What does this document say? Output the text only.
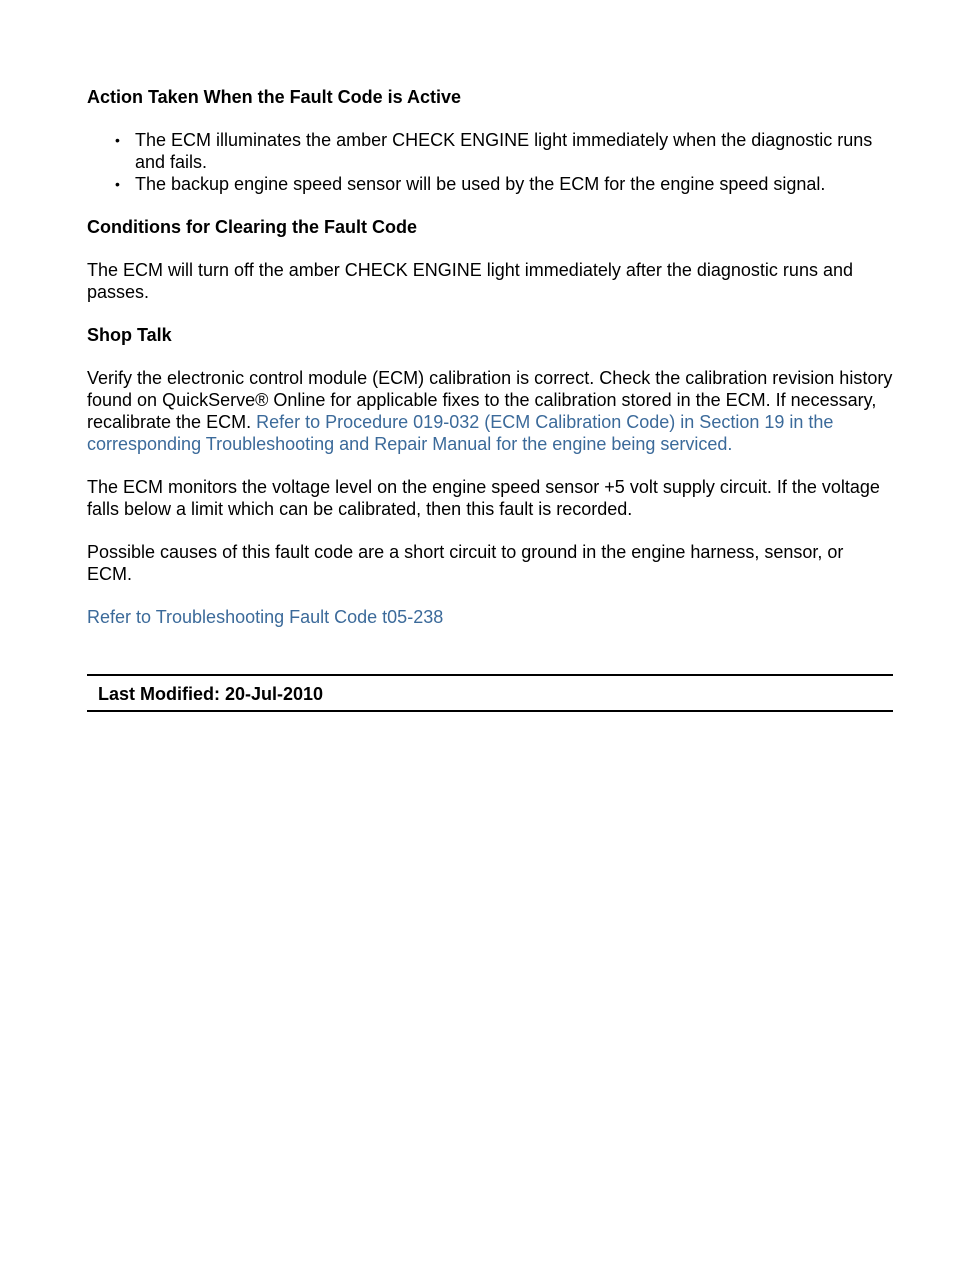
Action Taken When the Fault Code is Active
• The ECM illuminates the amber CHECK ENGINE light immediately when the diagnostic runs and fails.
• The backup engine speed sensor will be used by the ECM for the engine speed signal.
Conditions for Clearing the Fault Code

The ECM will turn off the amber CHECK ENGINE light immediately after the diagnostic runs and passes.

Shop Talk

Verify the electronic control module (ECM) calibration is correct. Check the calibration revision history found on QuickServe® Online for applicable fixes to the calibration stored in the ECM. If necessary, recalibrate the ECM. Refer to Procedure 019-032 (ECM Calibration Code) in Section 19 in the corresponding Troubleshooting and Repair Manual for the engine being serviced.

The ECM monitors the voltage level on the engine speed sensor +5 volt supply circuit. If the voltage falls below a limit which can be calibrated, then this fault is recorded.

Possible causes of this fault code are a short circuit to ground in the engine harness, sensor, or ECM.

Refer to Troubleshooting Fault Code t05-238

Last Modified: 20-Jul-2010
